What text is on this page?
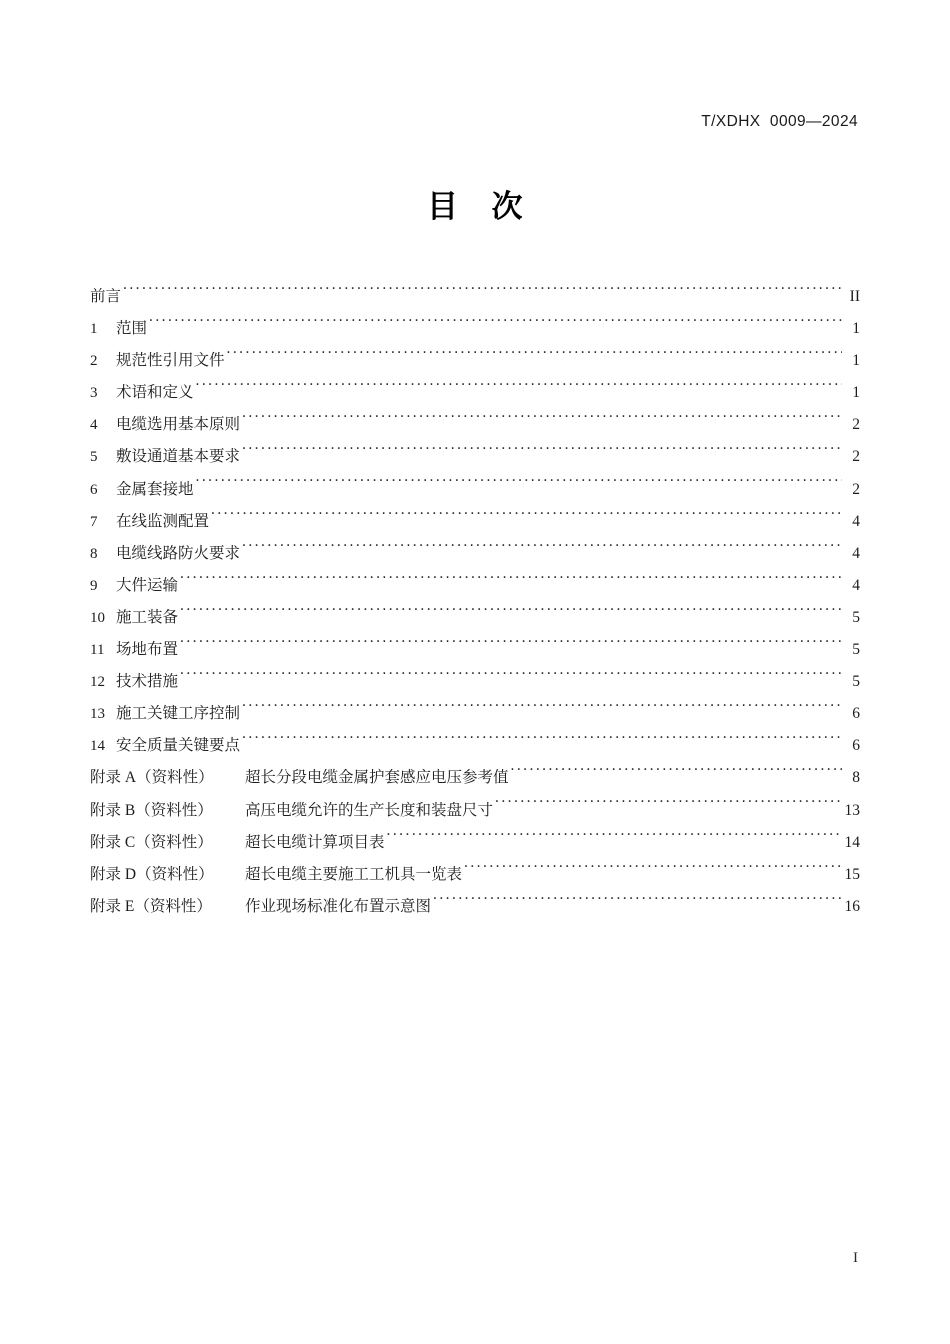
T/XDHX  0009—2024
目    次
前言 .....	II
1	范围 .....	1
2	规范性引用文件 .....	1
3	术语和定义 .....	1
4	电缆选用基本原则 .....	2
5	敷设通道基本要求 .....	2
6	金属套接地 .....	2
7	在线监测配置 .....	4
8	电缆线路防火要求 .....	4
9	大件运输 .....	4
10 施工装备 .....	5
11 场地布置 .....	5
12 技术措施 .....	5
13 施工关键工序控制 .....	6
14 安全质量关键要点 .....	6
附录 A（资料性）	超长分段电缆金属护套感应电压参考值 .....	8
附录 B（资料性）	高压电缆允许的生产长度和装盘尺寸 .....	13
附录 C（资料性）	超长电缆计算项目表 .....	14
附录 D（资料性）	超长电缆主要施工工机具一览表 .....	15
附录 E（资料性）	作业现场标准化布置示意图 .....	16
I
